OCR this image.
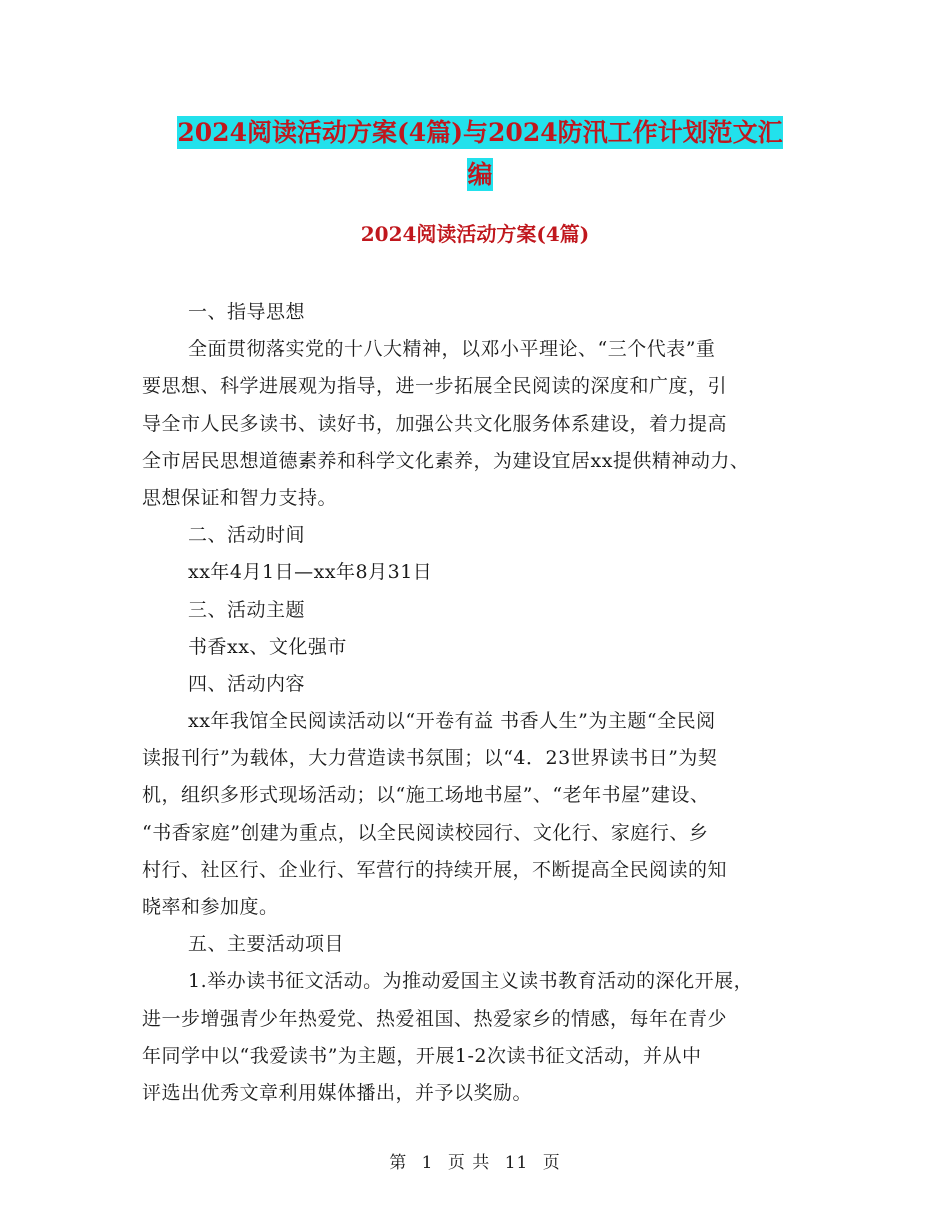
2024阅读活动方案(4篇)与2024防汛工作计划范文汇
编
2024阅读活动方案(4篇)
一、指导思想
全面贯彻落实党的十八大精神，以邓小平理论、“三个代表”重
要思想、科学进展观为指导，进一步拓展全民阅读的深度和广度，引
导全市人民多读书、读好书，加强公共文化服务体系建设，着力提高
全市居民思想道德素养和科学文化素养，为建设宜居xx提供精神动力、
思想保证和智力支持。
二、活动时间
xx年4月1日—xx年8月31日
三、活动主题
书香xx、文化强市
四、活动内容
xx年我馆全民阅读活动以“开卷有益 书香人生”为主题“全民阅
读报刊行”为载体，大力营造读书氛围；以“4．23世界读书日”为契
机，组织多形式现场活动；以“施工场地书屋”、“老年书屋”建设、
“书香家庭”创建为重点，以全民阅读校园行、文化行、家庭行、乡
村行、社区行、企业行、军营行的持续开展，不断提高全民阅读的知
晓率和参加度。
五、主要活动项目
1.举办读书征文活动。为推动爱国主义读书教育活动的深化开展，
进一步增强青少年热爱党、热爱祖国、热爱家乡的情感，每年在青少
年同学中以“我爱读书”为主题，开展1-2次读书征文活动，并从中
评选出优秀文章利用媒体播出，并予以奖励。
第 1 页 共 11 页
